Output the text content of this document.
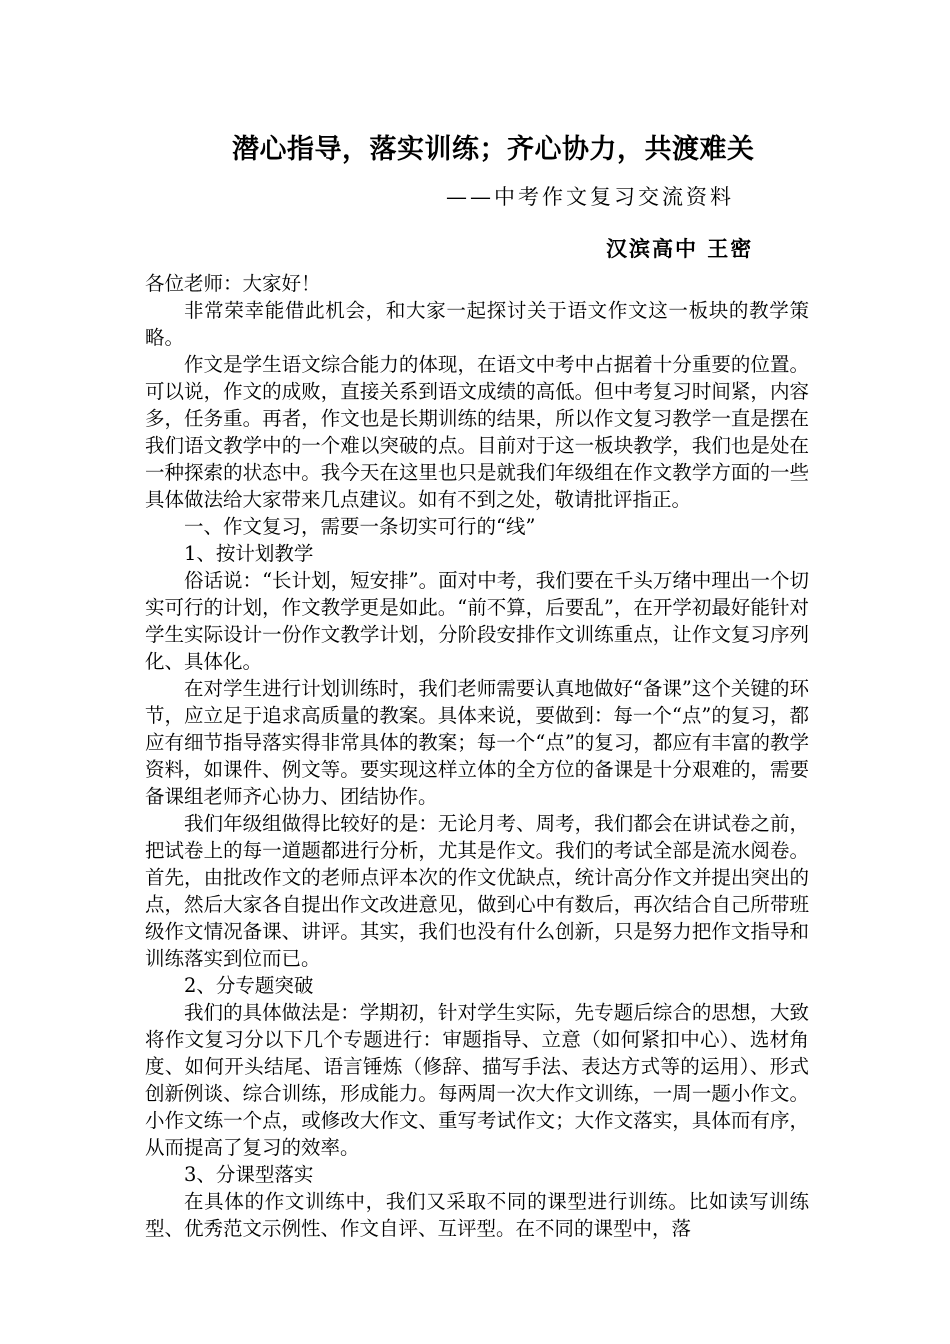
潜心指导，落实训练；齐心协力，共渡难关
——中考作文复习交流资料
汉滨高中 王密

各位老师：大家好！

非常荣幸能借此机会，和大家一起探讨关于语文作文这一板块的教学策略。

作文是学生语文综合能力的体现，在语文中考中占据着十分重要的位置。可以说，作文的成败，直接关系到语文成绩的高低。但中考复习时间紧，内容多，任务重。再者，作文也是长期训练的结果，所以作文复习教学一直是摆在我们语文教学中的一个难以突破的点。目前对于这一板块教学，我们也是处在一种探索的状态中。我今天在这里也只是就我们年级组在作文教学方面的一些具体做法给大家带来几点建议。如有不到之处，敬请批评指正。

一、作文复习，需要一条切实可行的“线”

1、按计划教学

俗话说：“长计划，短安排”。面对中考，我们要在千头万绪中理出一个切实可行的计划，作文教学更是如此。“前不算，后要乱”，在开学初最好能针对学生实际设计一份作文教学计划，分阶段安排作文训练重点，让作文复习序列化、具体化。

在对学生进行计划训练时，我们老师需要认真地做好“备课”这个关键的环节，应立足于追求高质量的教案。具体来说，要做到：每一个“点”的复习，都应有细节指导落实得非常具体的教案；每一个“点”的复习，都应有丰富的教学资料，如课件、例文等。要实现这样立体的全方位的备课是十分艰难的，需要备课组老师齐心协力、团结协作。

我们年级组做得比较好的是：无论月考、周考，我们都会在讲试卷之前，把试卷上的每一道题都进行分析，尤其是作文。我们的考试全部是流水阅卷。首先，由批改作文的老师点评本次的作文优缺点，统计高分作文并提出突出的点，然后大家各自提出作文改进意见，做到心中有数后，再次结合自己所带班级作文情况备课、讲评。其实，我们也没有什么创新，只是努力把作文指导和训练落实到位而已。

2、分专题突破

我们的具体做法是：学期初，针对学生实际，先专题后综合的思想，大致将作文复习分以下几个专题进行：审题指导、立意（如何紧扣中心）、选材角度、如何开头结尾、语言锤炼（修辞、描写手法、表达方式等的运用）、形式创新例谈、综合训练，形成能力。每两周一次大作文训练，一周一题小作文。小作文练一个点，或修改大作文、重写考试作文；大作文落实，具体而有序，从而提高了复习的效率。

3、分课型落实

在具体的作文训练中，我们又采取不同的课型进行训练。比如读写训练型、优秀范文示例性、作文自评、互评型。在不同的课型中，落
